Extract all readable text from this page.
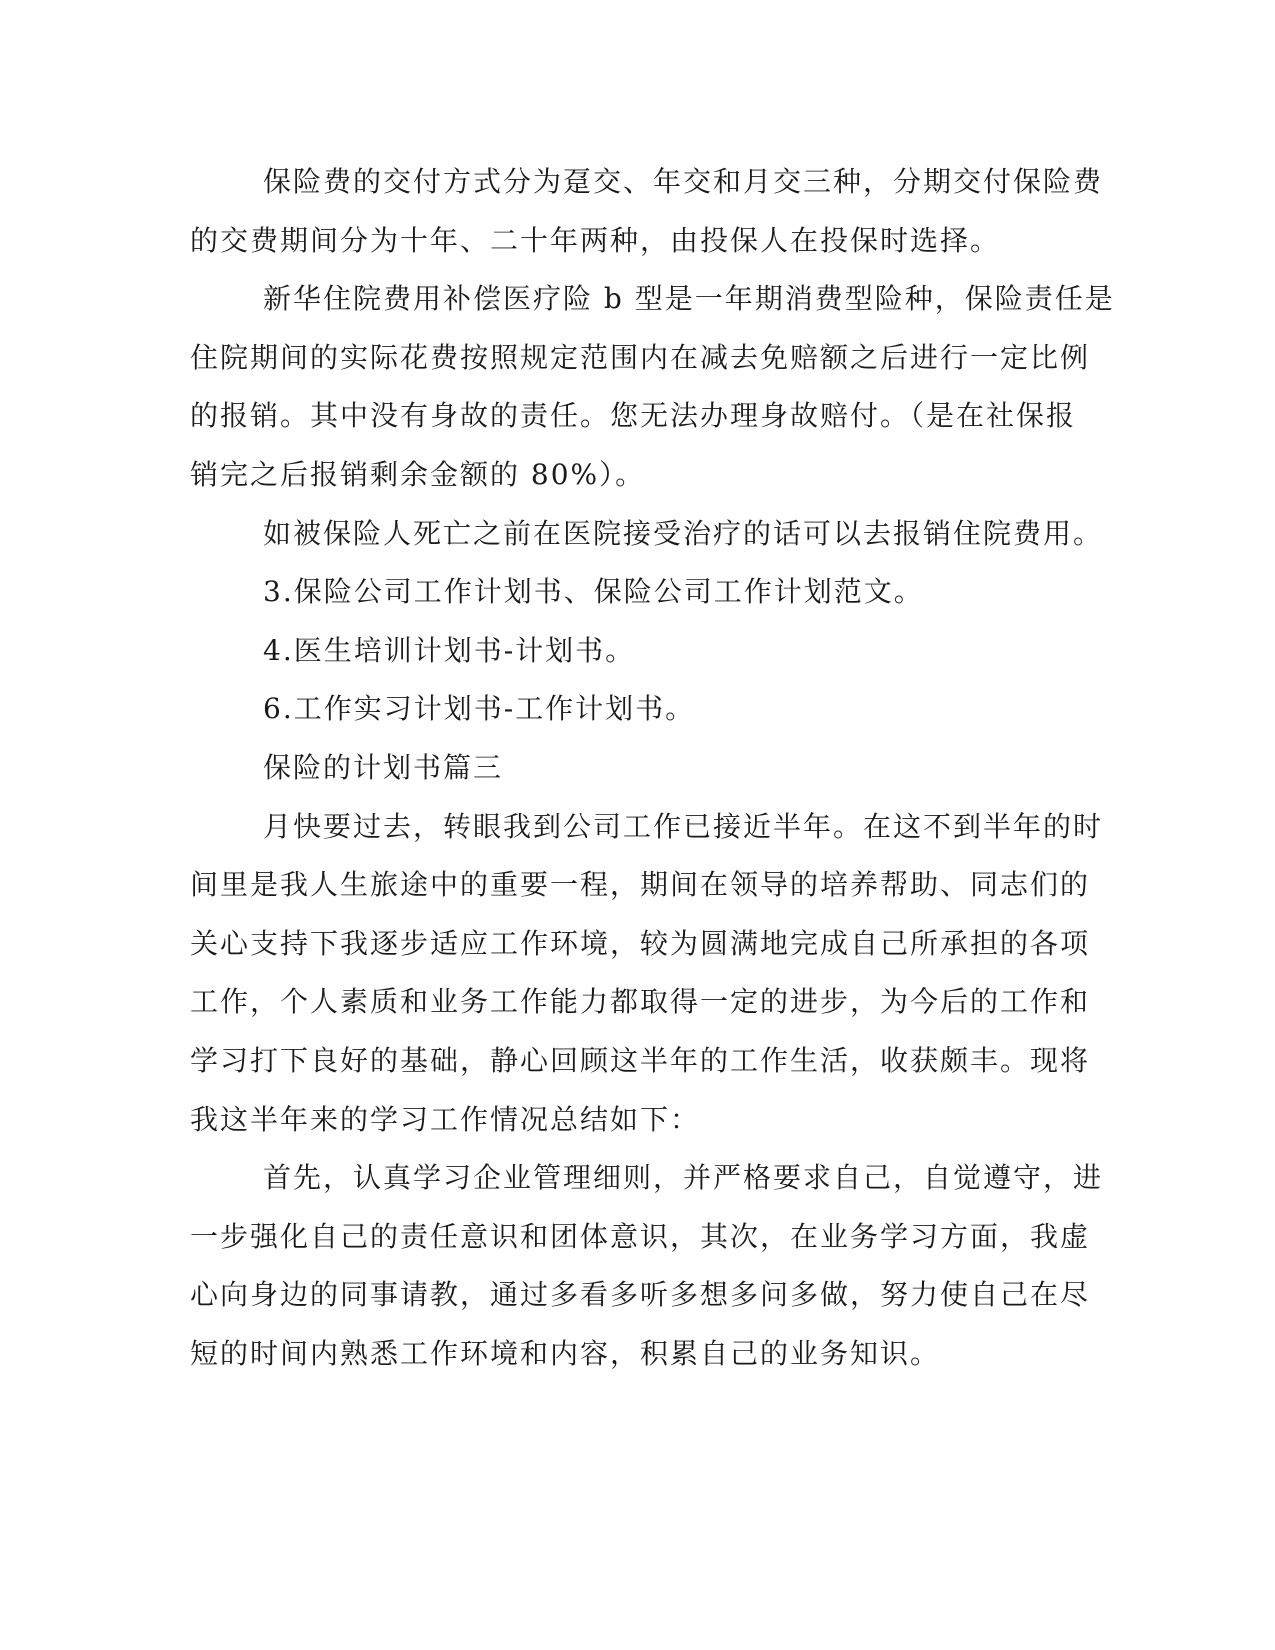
保险费的交付方式分为趸交、年交和月交三种，分期交付保险费

的交费期间分为十年、二十年两种，由投保人在投保时选择。

新华住院费用补偿医疗险 b 型是一年期消费型险种，保险责任是

住院期间的实际花费按照规定范围内在减去免赔额之后进行一定比例

的报销。其中没有身故的责任。您无法办理身故赔付。（是在社保报

销完之后报销剩余金额的 80%）。

如被保险人死亡之前在医院接受治疗的话可以去报销住院费用。

3.保险公司工作计划书、保险公司工作计划范文。

4.医生培训计划书-计划书。

6.工作实习计划书-工作计划书。

保险的计划书篇三

月快要过去，转眼我到公司工作已接近半年。在这不到半年的时

间里是我人生旅途中的重要一程，期间在领导的培养帮助、同志们的

关心支持下我逐步适应工作环境，较为圆满地完成自己所承担的各项

工作，个人素质和业务工作能力都取得一定的进步，为今后的工作和

学习打下良好的基础，静心回顾这半年的工作生活，收获颇丰。现将

我这半年来的学习工作情况总结如下：

首先，认真学习企业管理细则，并严格要求自己，自觉遵守，进

一步强化自己的责任意识和团体意识，其次，在业务学习方面，我虚

心向身边的同事请教，通过多看多听多想多问多做，努力使自己在尽

短的时间内熟悉工作环境和内容，积累自己的业务知识。
